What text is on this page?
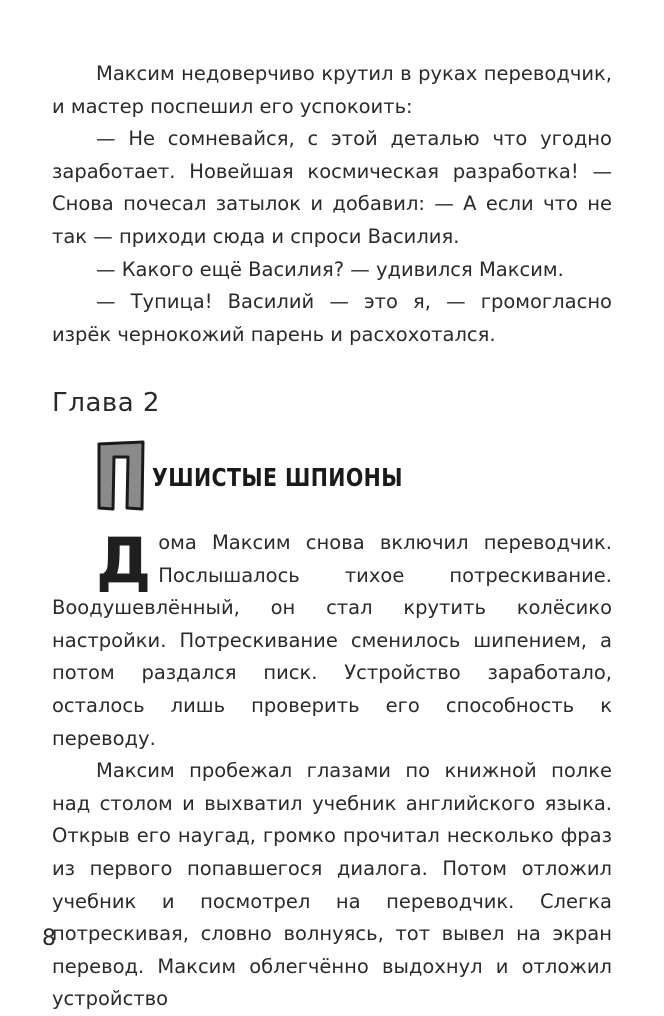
Максим недоверчиво крутил в руках переводчик, и мастер поспешил его успокоить:

— Не сомневайся, с этой деталью что угодно заработает. Новейшая космическая разработка! — Снова почесал затылок и добавил: — А если что не так — приходи сюда и спроси Василия.

— Какого ещё Василия? — удивился Максим.

— Тупица! Василий — это я, — громогласно изрёк чернокожий парень и расхохотался.

Глава 2
П
УШИСТЫЕ ШПИОНЫ

Дома Максим снова включил переводчик. Послышалось тихое потрескивание. Воодушевлённый, он стал крутить колёсико настройки. Потрескивание сменилось шипением, а потом раздался писк. Устройство заработало, осталось лишь проверить его способность к переводу.

Максим пробежал глазами по книжной полке над столом и выхватил учебник английского языка. Открыв его наугад, громко прочитал несколько фраз из первого попавшегося диалога. Потом отложил учебник и посмотрел на переводчик. Слегка потрескивая, словно волнуясь, тот вывел на экран перевод. Максим облегчённо выдохнул и отложил устройство

8
